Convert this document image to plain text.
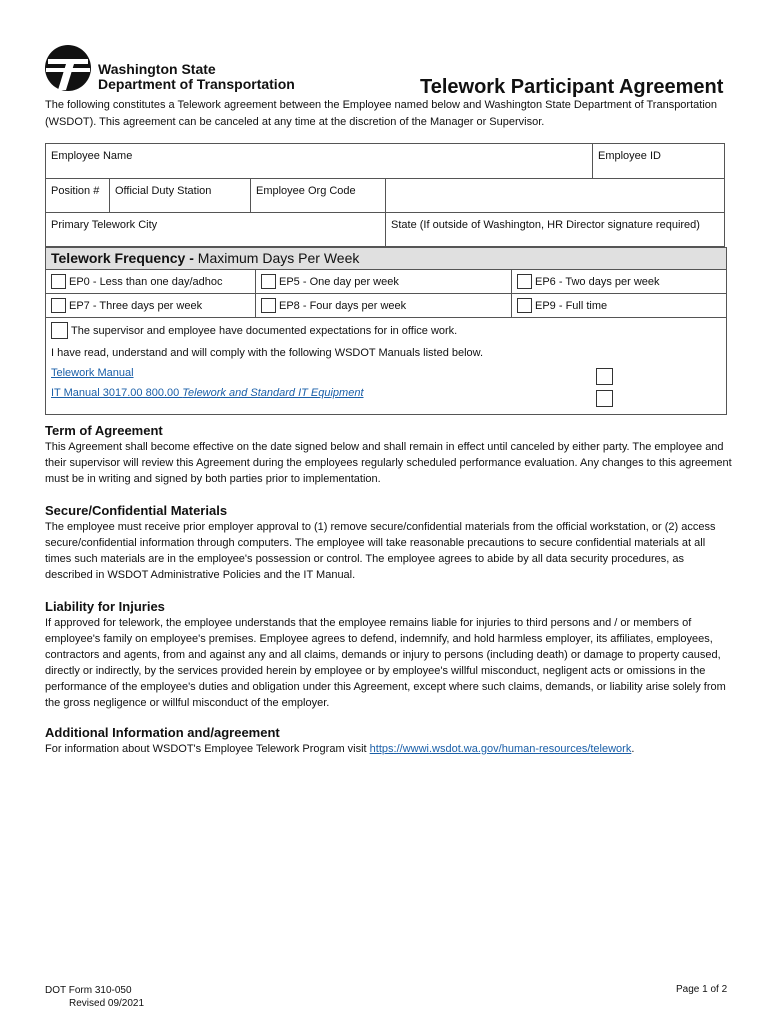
Washington State
Department of Transportation	Telework Participant Agreement
The following constitutes a Telework agreement between the Employee named below and Washington State Department of Transportation (WSDOT). This agreement can be canceled at any time at the discretion of the Manager or Supervisor.
Employee Name				Employee ID
Position #	Official Duty Station	Employee Org Code		
Primary Telework City			State (If outside of Washington, HR Director signature required)	
Telework Frequency - Maximum Days Per Week
EP0 - Less than one day/adhoc	EP5 - One day per week	EP6 - Two days per week
EP7 - Three days per week	EP8 - Four days per week	EP9 - Full time
The supervisor and employee have documented expectations for in office work.
I have read, understand and will comply with the following WSDOT Manuals listed below.
Telework Manual
IT Manual 3017.00 800.00 Telework and Standard IT Equipment
Term of Agreement
This Agreement shall become effective on the date signed below and shall remain in effect until canceled by either party. The employee and their supervisor will review this Agreement during the employees regularly scheduled performance evaluation. Any changes to this agreement must be in writing and signed by both parties prior to implementation.
Secure/Confidential Materials
The employee must receive prior employer approval to (1) remove secure/confidential materials from the official workstation, or (2) access secure/confidential information through computers. The employee will take reasonable precautions to secure confidential materials at all times such materials are in the employee's possession or control. The employee agrees to abide by all data security procedures, as described in WSDOT Administrative Policies and the IT Manual.
Liability for Injuries
If approved for telework, the employee understands that the employee remains liable for injuries to third persons and / or members of employee's family on employee's premises. Employee agrees to defend, indemnify, and hold harmless employer, its affiliates, employees, contractors and agents, from and against any and all claims, demands or injury to persons (including death) or damage to property caused, directly or indirectly, by the services provided herein by employee or by employee's willful misconduct, negligent acts or omissions in the performance of the employee's duties and obligation under this Agreement, except where such claims, demands, or liability arise solely from the gross negligence or willful misconduct of the employer.
Additional Information and/agreement
For information about WSDOT's Employee Telework Program visit https://wwwi.wsdot.wa.gov/human-resources/telework.
DOT Form 310-050
Revised 09/2021
Page 1 of 2
